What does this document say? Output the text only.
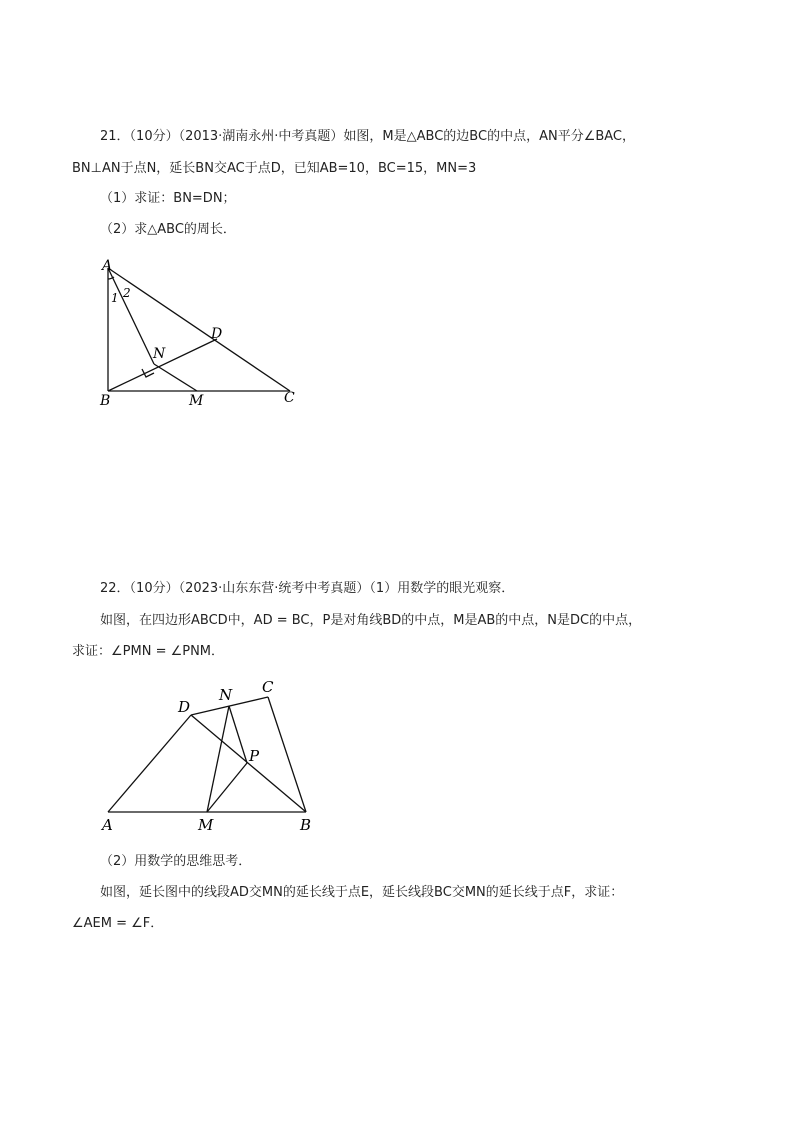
21．（10分）（2013·湖南永州·中考真题）如图，M是△ABC的边BC的中点，AN平分∠BAC，
BN⊥AN于点N，延长BN交AC于点D，已知AB=10，BC=15，MN=3
（1）求证：BN=DN；
（2）求△ABC的周长．
A
1 2
D
N
B	M	C
22．（10分）（2023·山东东营·统考中考真题）（1）用数学的眼光观察．
如图，在四边形ABCD中，AD = BC，P是对角线BD的中点，M是AB的中点，N是DC的中点，
求证：∠PMN = ∠PNM．
D
N C
P
A	M	B
（2）用数学的思维思考．
如图，延长图中的线段AD交MN的延长线于点E，延长线段BC交MN的延长线于点F，求证：
∠AEM = ∠F．
